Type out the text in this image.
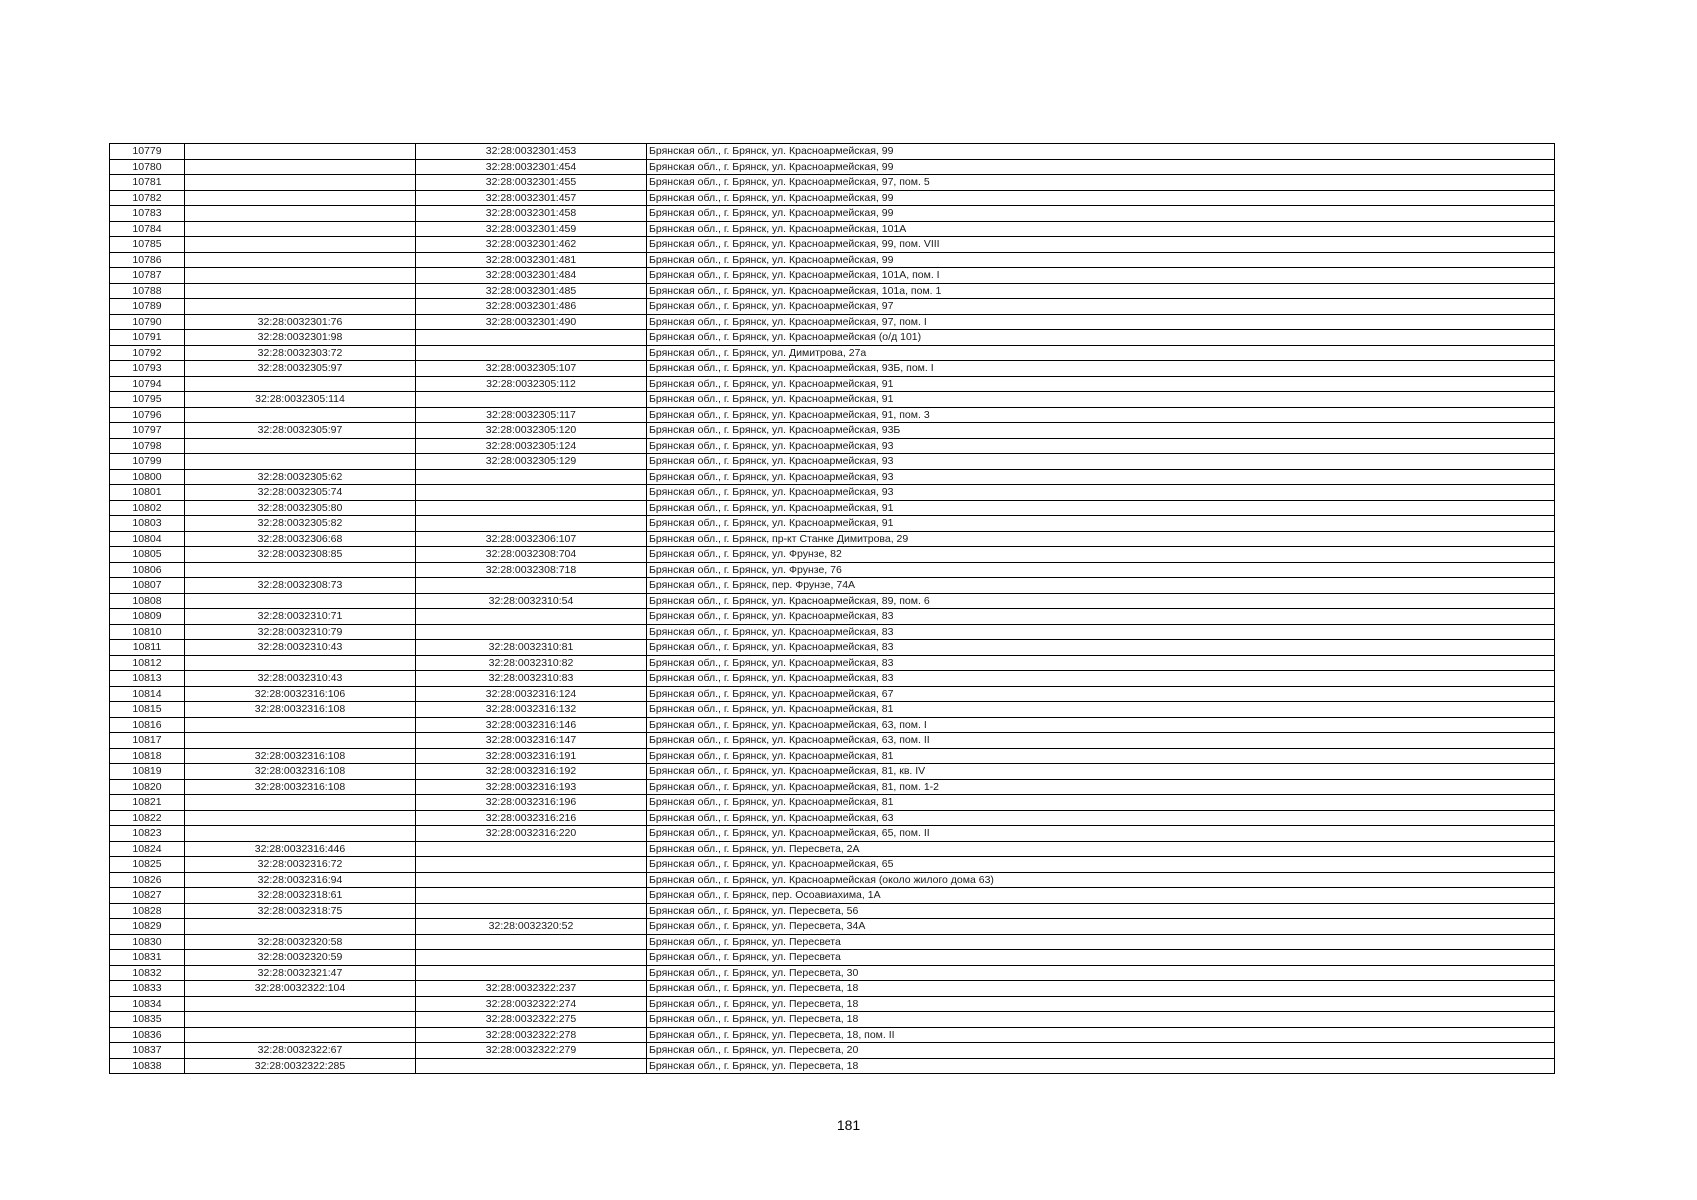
10779		32:28:0032301:453	Брянская обл., г. Брянск, ул. Красноармейская, 99
10780		32:28:0032301:454	Брянская обл., г. Брянск, ул. Красноармейская, 99
10781		32:28:0032301:455	Брянская обл., г. Брянск, ул. Красноармейская, 97, пом. 5
10782		32:28:0032301:457	Брянская обл., г. Брянск, ул. Красноармейская, 99
10783		32:28:0032301:458	Брянская обл., г. Брянск, ул. Красноармейская, 99
10784		32:28:0032301:459	Брянская обл., г. Брянск, ул. Красноармейская, 101А
10785		32:28:0032301:462	Брянская обл., г. Брянск, ул. Красноармейская, 99, пом. VIII
10786		32:28:0032301:481	Брянская обл., г. Брянск, ул. Красноармейская, 99
10787		32:28:0032301:484	Брянская обл., г. Брянск, ул. Красноармейская, 101А, пом. I
10788		32:28:0032301:485	Брянская обл., г. Брянск, ул. Красноармейская, 101а, пом. 1
10789		32:28:0032301:486	Брянская обл., г. Брянск, ул. Красноармейская, 97
10790	32:28:0032301:76	32:28:0032301:490	Брянская обл., г. Брянск, ул. Красноармейская, 97, пом. I
10791	32:28:0032301:98		Брянская обл., г. Брянск, ул. Красноармейская (о/д 101)
10792	32:28:0032303:72		Брянская обл., г. Брянск, ул. Димитрова, 27а
10793	32:28:0032305:97	32:28:0032305:107	Брянская обл., г. Брянск, ул. Красноармейская, 93Б, пом. I
10794		32:28:0032305:112	Брянская обл., г. Брянск, ул. Красноармейская, 91
10795	32:28:0032305:114		Брянская обл., г. Брянск, ул. Красноармейская, 91
10796		32:28:0032305:117	Брянская обл., г. Брянск, ул. Красноармейская, 91, пом. 3
10797	32:28:0032305:97	32:28:0032305:120	Брянская обл., г. Брянск, ул. Красноармейская, 93Б
10798		32:28:0032305:124	Брянская обл., г. Брянск, ул. Красноармейская, 93
10799		32:28:0032305:129	Брянская обл., г. Брянск, ул. Красноармейская, 93
10800	32:28:0032305:62		Брянская обл., г. Брянск, ул. Красноармейская, 93
10801	32:28:0032305:74		Брянская обл., г. Брянск, ул. Красноармейская, 93
10802	32:28:0032305:80		Брянская обл., г. Брянск, ул. Красноармейская, 91
10803	32:28:0032305:82		Брянская обл., г. Брянск, ул. Красноармейская, 91
10804	32:28:0032306:68	32:28:0032306:107	Брянская обл., г. Брянск, пр-кт Станке Димитрова, 29
10805	32:28:0032308:85	32:28:0032308:704	Брянская обл., г. Брянск, ул. Фрунзе, 82
10806		32:28:0032308:718	Брянская обл., г. Брянск, ул. Фрунзе, 76
10807	32:28:0032308:73		Брянская обл., г. Брянск, пер. Фрунзе, 74А
10808		32:28:0032310:54	Брянская обл., г. Брянск, ул. Красноармейская, 89, пом. 6
10809	32:28:0032310:71		Брянская обл., г. Брянск, ул. Красноармейская, 83
10810	32:28:0032310:79		Брянская обл., г. Брянск, ул. Красноармейская, 83
10811	32:28:0032310:43	32:28:0032310:81	Брянская обл., г. Брянск, ул. Красноармейская, 83
10812		32:28:0032310:82	Брянская обл., г. Брянск, ул. Красноармейская, 83
10813	32:28:0032310:43	32:28:0032310:83	Брянская обл., г. Брянск, ул. Красноармейская, 83
10814	32:28:0032316:106	32:28:0032316:124	Брянская обл., г. Брянск, ул. Красноармейская, 67
10815	32:28:0032316:108	32:28:0032316:132	Брянская обл., г. Брянск, ул. Красноармейская, 81
10816		32:28:0032316:146	Брянская обл., г. Брянск, ул. Красноармейская, 63, пом. I
10817		32:28:0032316:147	Брянская обл., г. Брянск, ул. Красноармейская, 63, пом. II
10818	32:28:0032316:108	32:28:0032316:191	Брянская обл., г. Брянск, ул. Красноармейская, 81
10819	32:28:0032316:108	32:28:0032316:192	Брянская обл., г. Брянск, ул. Красноармейская, 81, кв. IV
10820	32:28:0032316:108	32:28:0032316:193	Брянская обл., г. Брянск, ул. Красноармейская, 81, пом. 1-2
10821		32:28:0032316:196	Брянская обл., г. Брянск, ул. Красноармейская, 81
10822		32:28:0032316:216	Брянская обл., г. Брянск, ул. Красноармейская, 63
10823		32:28:0032316:220	Брянская обл., г. Брянск, ул. Красноармейская, 65, пом. II
10824	32:28:0032316:446		Брянская обл., г. Брянск, ул. Пересвета, 2А
10825	32:28:0032316:72		Брянская обл., г. Брянск, ул. Красноармейская, 65
10826	32:28:0032316:94		Брянская обл., г. Брянск, ул. Красноармейская (около жилого дома 63)
10827	32:28:0032318:61		Брянская обл., г. Брянск, пер. Осоавиахима, 1А
10828	32:28:0032318:75		Брянская обл., г. Брянск, ул. Пересвета, 56
10829		32:28:0032320:52	Брянская обл., г. Брянск, ул. Пересвета, 34А
10830	32:28:0032320:58		Брянская обл., г. Брянск, ул. Пересвета
10831	32:28:0032320:59		Брянская обл., г. Брянск, ул. Пересвета
10832	32:28:0032321:47		Брянская обл., г. Брянск, ул. Пересвета, 30
10833	32:28:0032322:104	32:28:0032322:237	Брянская обл., г. Брянск, ул. Пересвета, 18
10834		32:28:0032322:274	Брянская обл., г. Брянск, ул. Пересвета, 18
10835		32:28:0032322:275	Брянская обл., г. Брянск, ул. Пересвета, 18
10836		32:28:0032322:278	Брянская обл., г. Брянск, ул. Пересвета, 18, пом. II
10837	32:28:0032322:67	32:28:0032322:279	Брянская обл., г. Брянск, ул. Пересвета, 20
10838	32:28:0032322:285		Брянская обл., г. Брянск, ул. Пересвета, 18
181
